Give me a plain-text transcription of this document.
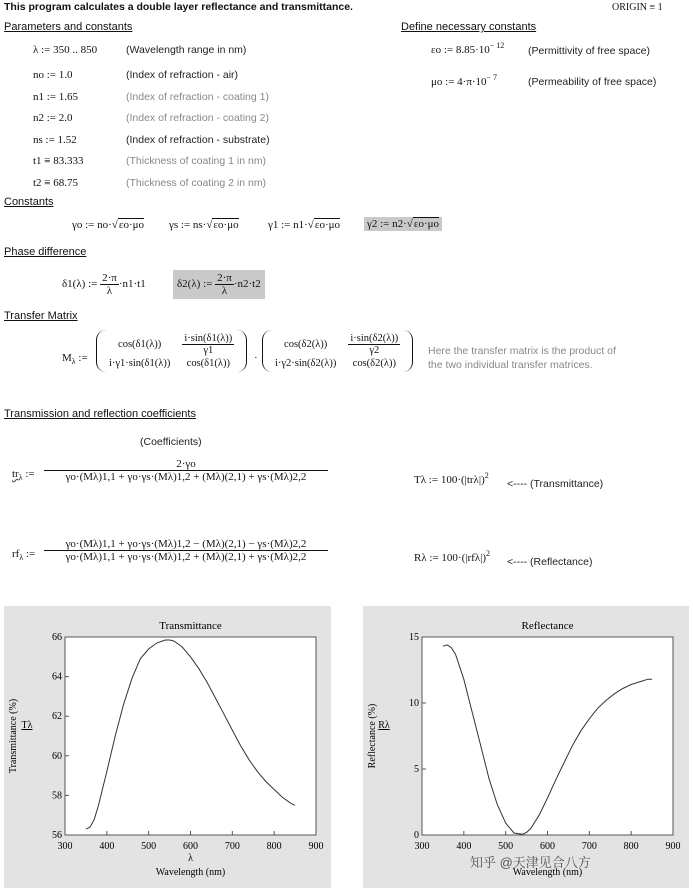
This program calculates a double layer reflectance and transmittance.	ORIGIN ≡ 1
Parameters and constants	Define necessary constants
λ := 350 .. 850	(Wavelength range in nm)
no := 1.0	(Index of refraction - air)
n1 := 1.65	(Index of refraction - coating 1)
n2 := 2.0	(Index of refraction - coating 2)
ns := 1.52	(Index of refraction - substrate)
t1 ≡ 83.333	(Thickness of coating 1 in nm)
t2 ≡ 68.75	(Thickness of coating 2 in nm)
εo := $8.85\cdot 10^{- 12}$ (Permittivity of free space)
μo := $4\cdot\pi\cdot 10^{- 7}$	(Permeability of free space)
Constants
γo := no·√εo·μo γs := ns·√εo·μo	γ1 := n1·√εo·μo γ2 := n2·√εo·μo
Phase difference
δ1(λ) := $\frac{2\cdot\pi}{\lambda} \cdot n1\cdot t1$	δ2(λ) := $\frac{2\cdot\pi}{\lambda} \cdot n2\cdot t2$
Transfer Matrix
$M_\lambda$ :=
cos(δ1(λ))	$\frac{i\cdot\sin(\delta 1(\lambda))}{\gamma 1}$

i·γ1·sin(δ1(λ))	cos(δ1(λ)) ·
cos(δ2(λ))	$\frac{i\cdot\sin(\delta 2(\lambda))}{\gamma 2}$

i·γ2·sin(δ2(λ))	cos(δ2(λ))
Here the transfer matrix is the product of
the two individual transfer matrices.
Transmission and reflection coefficients
(Coefficients)
$tr_\lambda$ := $\frac{2\cdot\gamma o}{\gamma o\cdot(M\lambda)1,1 + \gamma o\cdot\gamma s\cdot(M\lambda)1,2 + (M\lambda)(2,1) + \gamma s\cdot(M\lambda)2,2}$
$rf_\lambda$ := $\frac{\gamma o\cdot(M\lambda)1,1 + \gamma o\cdot\gamma s\cdot(M\lambda)1,2 - (M\lambda)(2,1) - \gamma s\cdot(M\lambda)2,2}{\gamma o\cdot(M\lambda)1,1 + \gamma o\cdot\gamma s\cdot(M\lambda)1,2 + (M\lambda)(2,1) + \gamma s\cdot(M\lambda)2,2}$
Tλ := $100\cdot(|tr\lambda|)^2$
<---- (Transmittance)
Rλ := $100\cdot(|rf\lambda|)^2$
<---- (Reflectance)
Transmittance
300	400	500	600	700	800	900
56
58
60
62
64
66
λ
Wavelength (nm)
Transmittance (%) Tλ
Reflectance
300	400	500	600	700	800	900
0
5
10
15
Wavelength (nm)
Reflectance (%) Rλ
知乎 @天津见合八方
